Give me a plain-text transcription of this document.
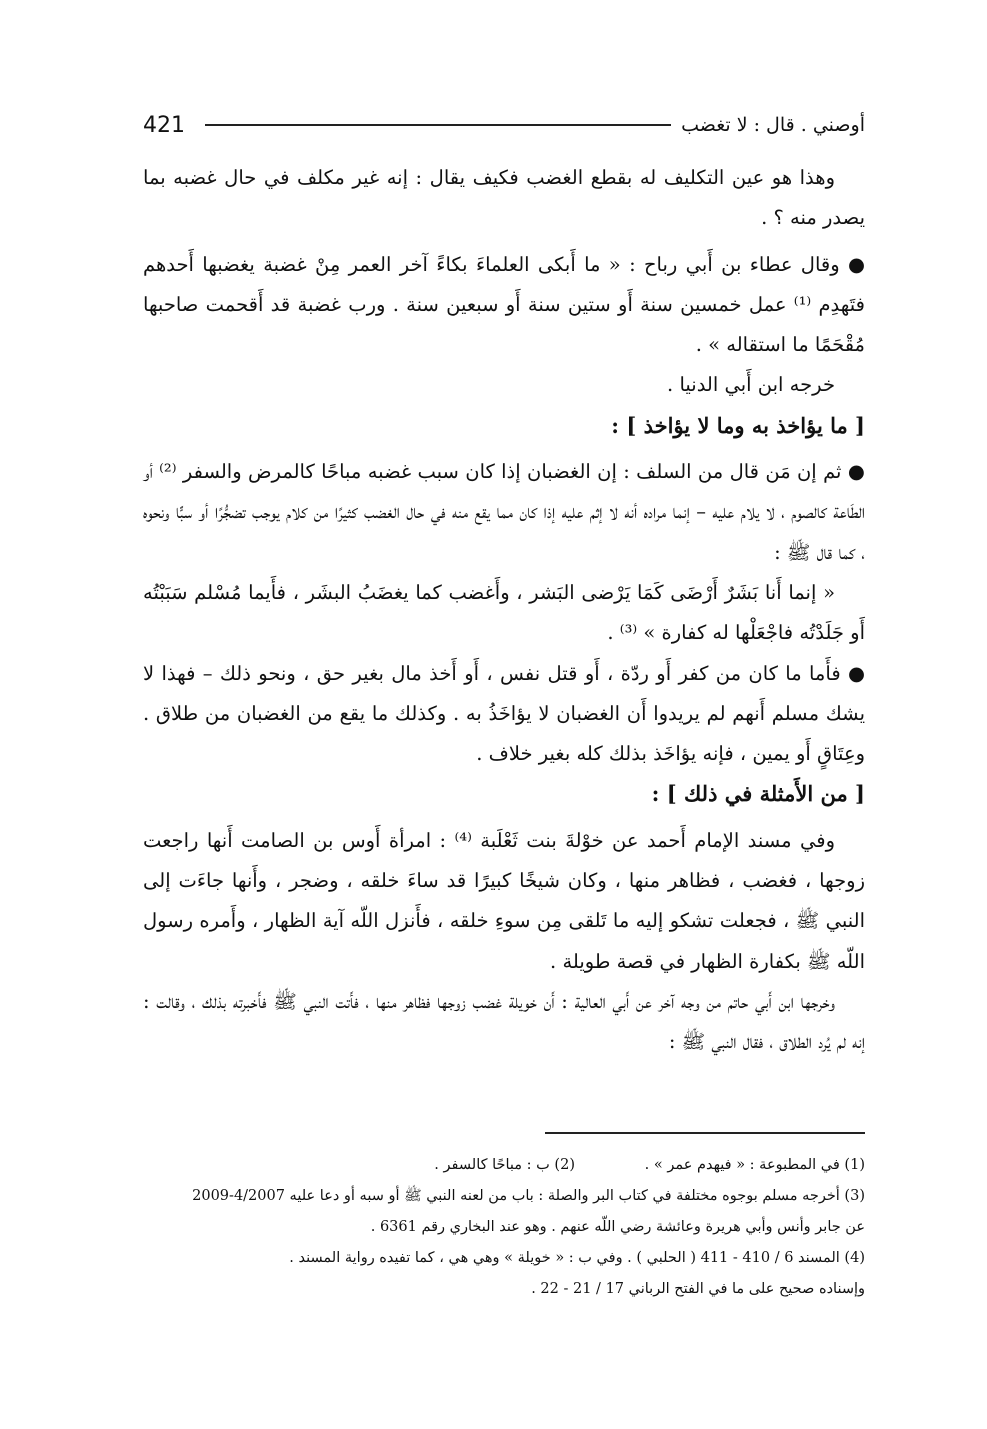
421	أوصني . قال : لا تغضب

وهذا هو عين التكليف له بقطع الغضب فكيف يقال : إنه غير مكلف في حال غضبه بما يصدر منه ؟ .

● وقال عطاء بن أَبي رباح : « ما أَبكى العلماءَ بكاءً آخر العمر مِنْ غضبة يغضبها أَحدهم فتَهدِم ⁽¹⁾ عمل خمسين سنة أَو ستين سنة أَو سبعين سنة . ورب غضبة قد أَقحمت صاحبها مُقْحَمًا ما استقاله » .

خرجه ابن أَبي الدنيا .

[ ما يؤاخذ به وما لا يؤاخذ ] :

● ثم إن مَن قال من السلف : إن الغضبان إذا كان سبب غضبه مباحًا كالمرض والسفر ⁽²⁾ أو الطَاعة كالصوم ، لا يلام عليه – إنما مراده أنه لا إثم عليه إذا كان مما يقع منه في حال الغضب كثيرًا من كلام يوجب تضجُّرًا أو سبًّا ونحوه ، كما قال ﷺ :

« إنما أَنا بَشَرٌ أَرْضَى كَمَا يَرْضى البَشر ، وأَغضب كما يغضَبُ البشَر ، فأَيما مُسْلم سَبَبْتُه أَو جَلَدْتُه فاجْعَلْها له كفارة » ⁽³⁾ .

● فأَما ما كان من كفر أَو ردّة ، أَو قتل نفس ، أَو أَخذ مال بغير حق ، ونحو ذلك – فهذا لا يشك مسلم أَنهم لم يريدوا أَن الغضبان لا يؤاخَذُ به . وكذلك ما يقع من الغضبان من طلاق . وعِتَاقٍ أَو يمين ، فإنه يؤاخَذ بذلك كله بغير خلاف .

[ من الأَمثلة في ذلك ] :

وفي مسند الإمام أَحمد عن خوْلةَ بنت ثَعْلَبة ⁽⁴⁾ : امرأة أَوس بن الصامت أَنها راجعت زوجها ، فغضب ، فظاهر منها ، وكان شيخًا كبيرًا قد ساءَ خلقه ، وضجر ، وأَنها جاءَت إلى النبي ﷺ ، فجعلت تشكو إليه ما تَلقى مِن سوءِ خلقه ، فأَنزل اللّه آية الظهار ، وأَمره رسول اللّه ﷺ بكفارة الظهار في قصة طويلة .

وخرجها ابن أَبي حاتم من وجه آخر عن أَبي العالية : أَن خويلة غضب زوجها فظاهر منها ، فأَتت النبي ﷺ فأَخبرته بذلك ، وقالت : إنه لم يُرد الطلاق ، فقال النبي ﷺ :

(1) في المطبوعة : « فيهدم عمر » .
(2) ب : مباحًا كالسفر .

(3) أخرجه مسلم بوجوه مختلفة في كتاب البر والصلة : باب من لعنه النبي ﷺ أو سبه أو دعا عليه 4/2007-2009

عن جابر وأنس وأبي هريرة وعائشة رضي اللّه عنهم . وهو عند البخاري رقم 6361 .

(4) المسند 6 / 410 - 411 ( الحلبي ) . وفي ب : « خويلة » وهي هي ، كما تفيده رواية المسند .

وإسناده صحيح على ما في الفتح الرباني 17 / 21 - 22 .
